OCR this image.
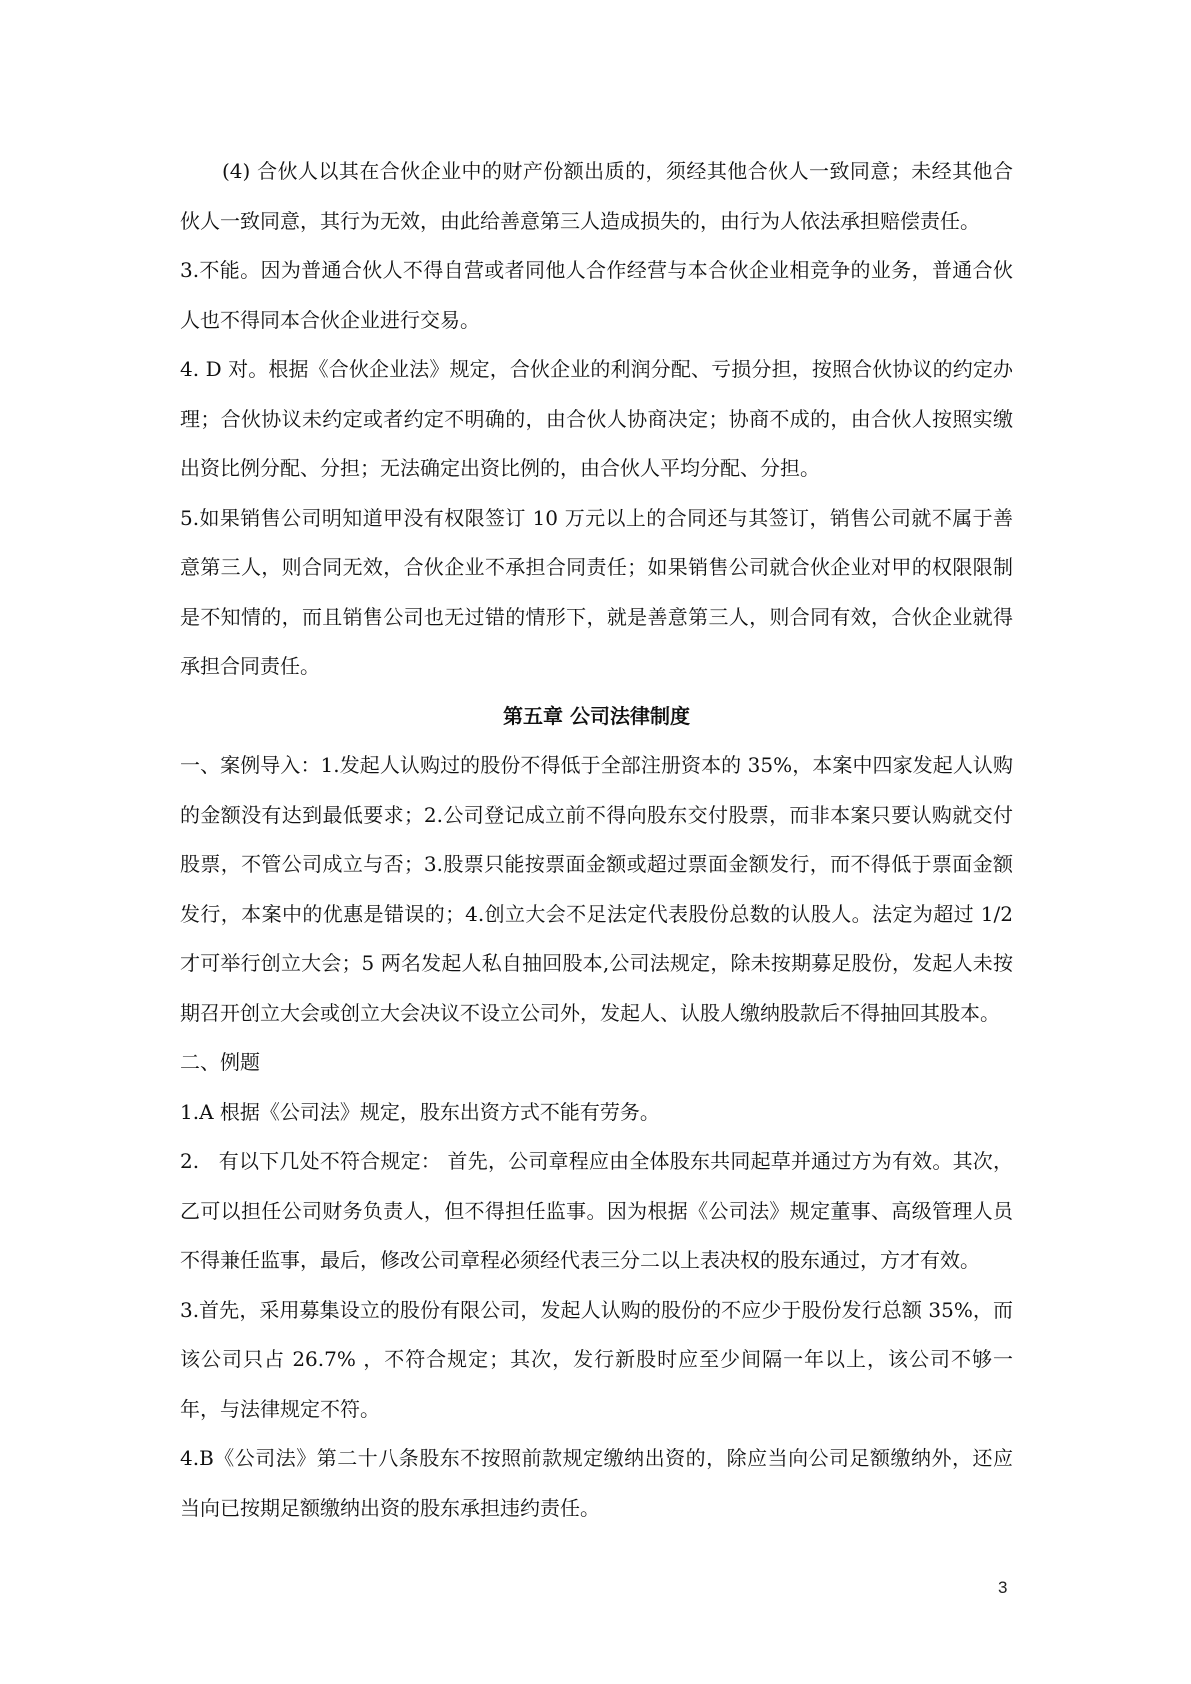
(4) 合伙人以其在合伙企业中的财产份额出质的，须经其他合伙人一致同意；未经其他合伙人一致同意，其行为无效，由此给善意第三人造成损失的，由行为人依法承担赔偿责任。

3.不能。因为普通合伙人不得自营或者同他人合作经营与本合伙企业相竞争的业务，普通合伙人也不得同本合伙企业进行交易。

4. D 对。根据《合伙企业法》规定，合伙企业的利润分配、亏损分担，按照合伙协议的约定办理；合伙协议未约定或者约定不明确的，由合伙人协商决定；协商不成的，由合伙人按照实缴出资比例分配、分担；无法确定出资比例的，由合伙人平均分配、分担。

5.如果销售公司明知道甲没有权限签订 10 万元以上的合同还与其签订，销售公司就不属于善意第三人，则合同无效，合伙企业不承担合同责任；如果销售公司就合伙企业对甲的权限限制是不知情的，而且销售公司也无过错的情形下，就是善意第三人，则合同有效，合伙企业就得承担合同责任。

第五章 公司法律制度

一、案例导入：1.发起人认购过的股份不得低于全部注册资本的 35%，本案中四家发起人认购的金额没有达到最低要求；2.公司登记成立前不得向股东交付股票，而非本案只要认购就交付股票，不管公司成立与否；3.股票只能按票面金额或超过票面金额发行，而不得低于票面金额发行，本案中的优惠是错误的；4.创立大会不足法定代表股份总数的认股人。法定为超过 1/2 才可举行创立大会；5 两名发起人私自抽回股本,公司法规定，除未按期募足股份，发起人未按期召开创立大会或创立大会决议不设立公司外，发起人、认股人缴纳股款后不得抽回其股本。

二、例题

1.A 根据《公司法》规定，股东出资方式不能有劳务。

2.   有以下几处不符合规定： 首先，公司章程应由全体股东共同起草并通过方为有效。其次，乙可以担任公司财务负责人，但不得担任监事。因为根据《公司法》规定董事、高级管理人员不得兼任监事，最后，修改公司章程必须经代表三分二以上表决权的股东通过，方才有效。

3.首先，采用募集设立的股份有限公司，发起人认购的股份的不应少于股份发行总额 35%，而该公司只占 26.7% ，不符合规定；其次，发行新股时应至少间隔一年以上，该公司不够一年，与法律规定不符。

4.B《公司法》第二十八条股东不按照前款规定缴纳出资的，除应当向公司足额缴纳外，还应当向已按期足额缴纳出资的股东承担违约责任。

3
